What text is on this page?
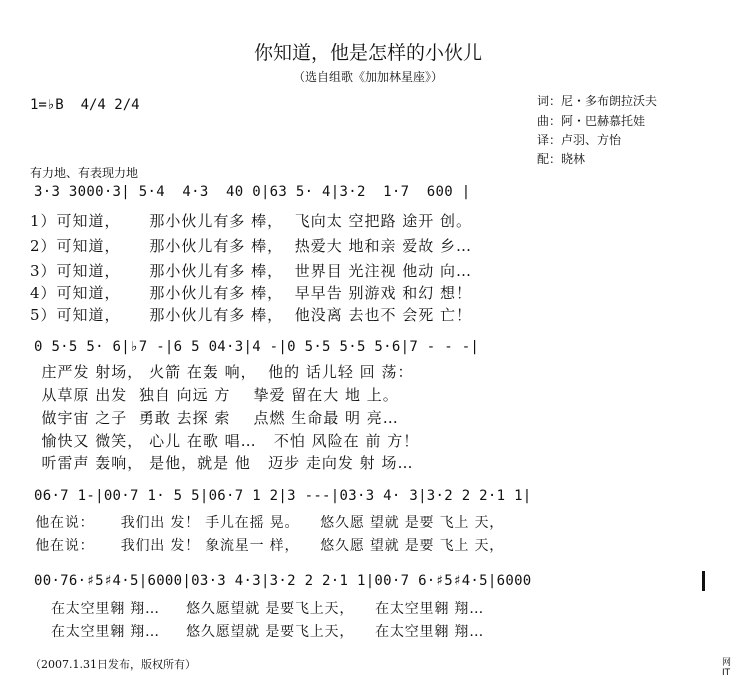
你知道，他是怎样的小伙儿
（选自组歌《加加林星座》）
1=♭B  4/4 2/4	词：尼・多布朗拉沃夫
曲：阿・巴赫慕托娃
译：卢羽、方怡
配：晓林
有力地、有表现力地
3·3 3000·3| 5·4  4·3  40 0|63 5· 4|3·2  1·7  600 |
1）可知道，     那小伙儿有多 棒，  飞向太 空把路 途开 创。
2）可知道，     那小伙儿有多 棒，  热爱大 地和亲 爱故 乡…
3）可知道，     那小伙儿有多 棒，  世界目 光注视 他动 向…
4）可知道，     那小伙儿有多 棒，  早早告 别游戏 和幻 想！
5）可知道，     那小伙儿有多 棒，  他没离 去也不 会死 亡！
0 5·5 5· 6|♭7 -|6 5 04·3|4 -|0 5·5 5·5 5·6|7 - - -|
庄严发 射场， 火箭 在轰 响，  他的 话儿轻 回 荡：
从草原 出发  独自 向远 方    挚爱 留在大 地 上。
做宇宙 之子  勇敢 去探 索    点燃 生命最 明 亮…
愉快又 微笑， 心儿 在歌 唱…   不怕 风险在 前 方！
听雷声 轰响， 是他，就是 他   迈步 走向发 射 场…
06·7 1-|00·7 1· 5 5|06·7 1 2|3 ---|03·3 4· 3|3·2 2 2·1 1|
他在说：     我们出 发！ 手儿在摇 晃。    悠久愿 望就 是要 飞上 天，
他在说：     我们出 发！ 象流星一 样，    悠久愿 望就 是要 飞上 天，
00·76·♯5♯4·5|6000|03·3 4·3|3·2 2 2·1 1|00·7 6·♯5♯4·5|6000
在太空里翱 翔…     悠久愿望就 是要飞上天，    在太空里翱 翔…
在太空里翱 翔…     悠久愿望就 是要飞上天，    在太空里翱 翔…
（2007.1.31日发布，版权所有）	网IT
